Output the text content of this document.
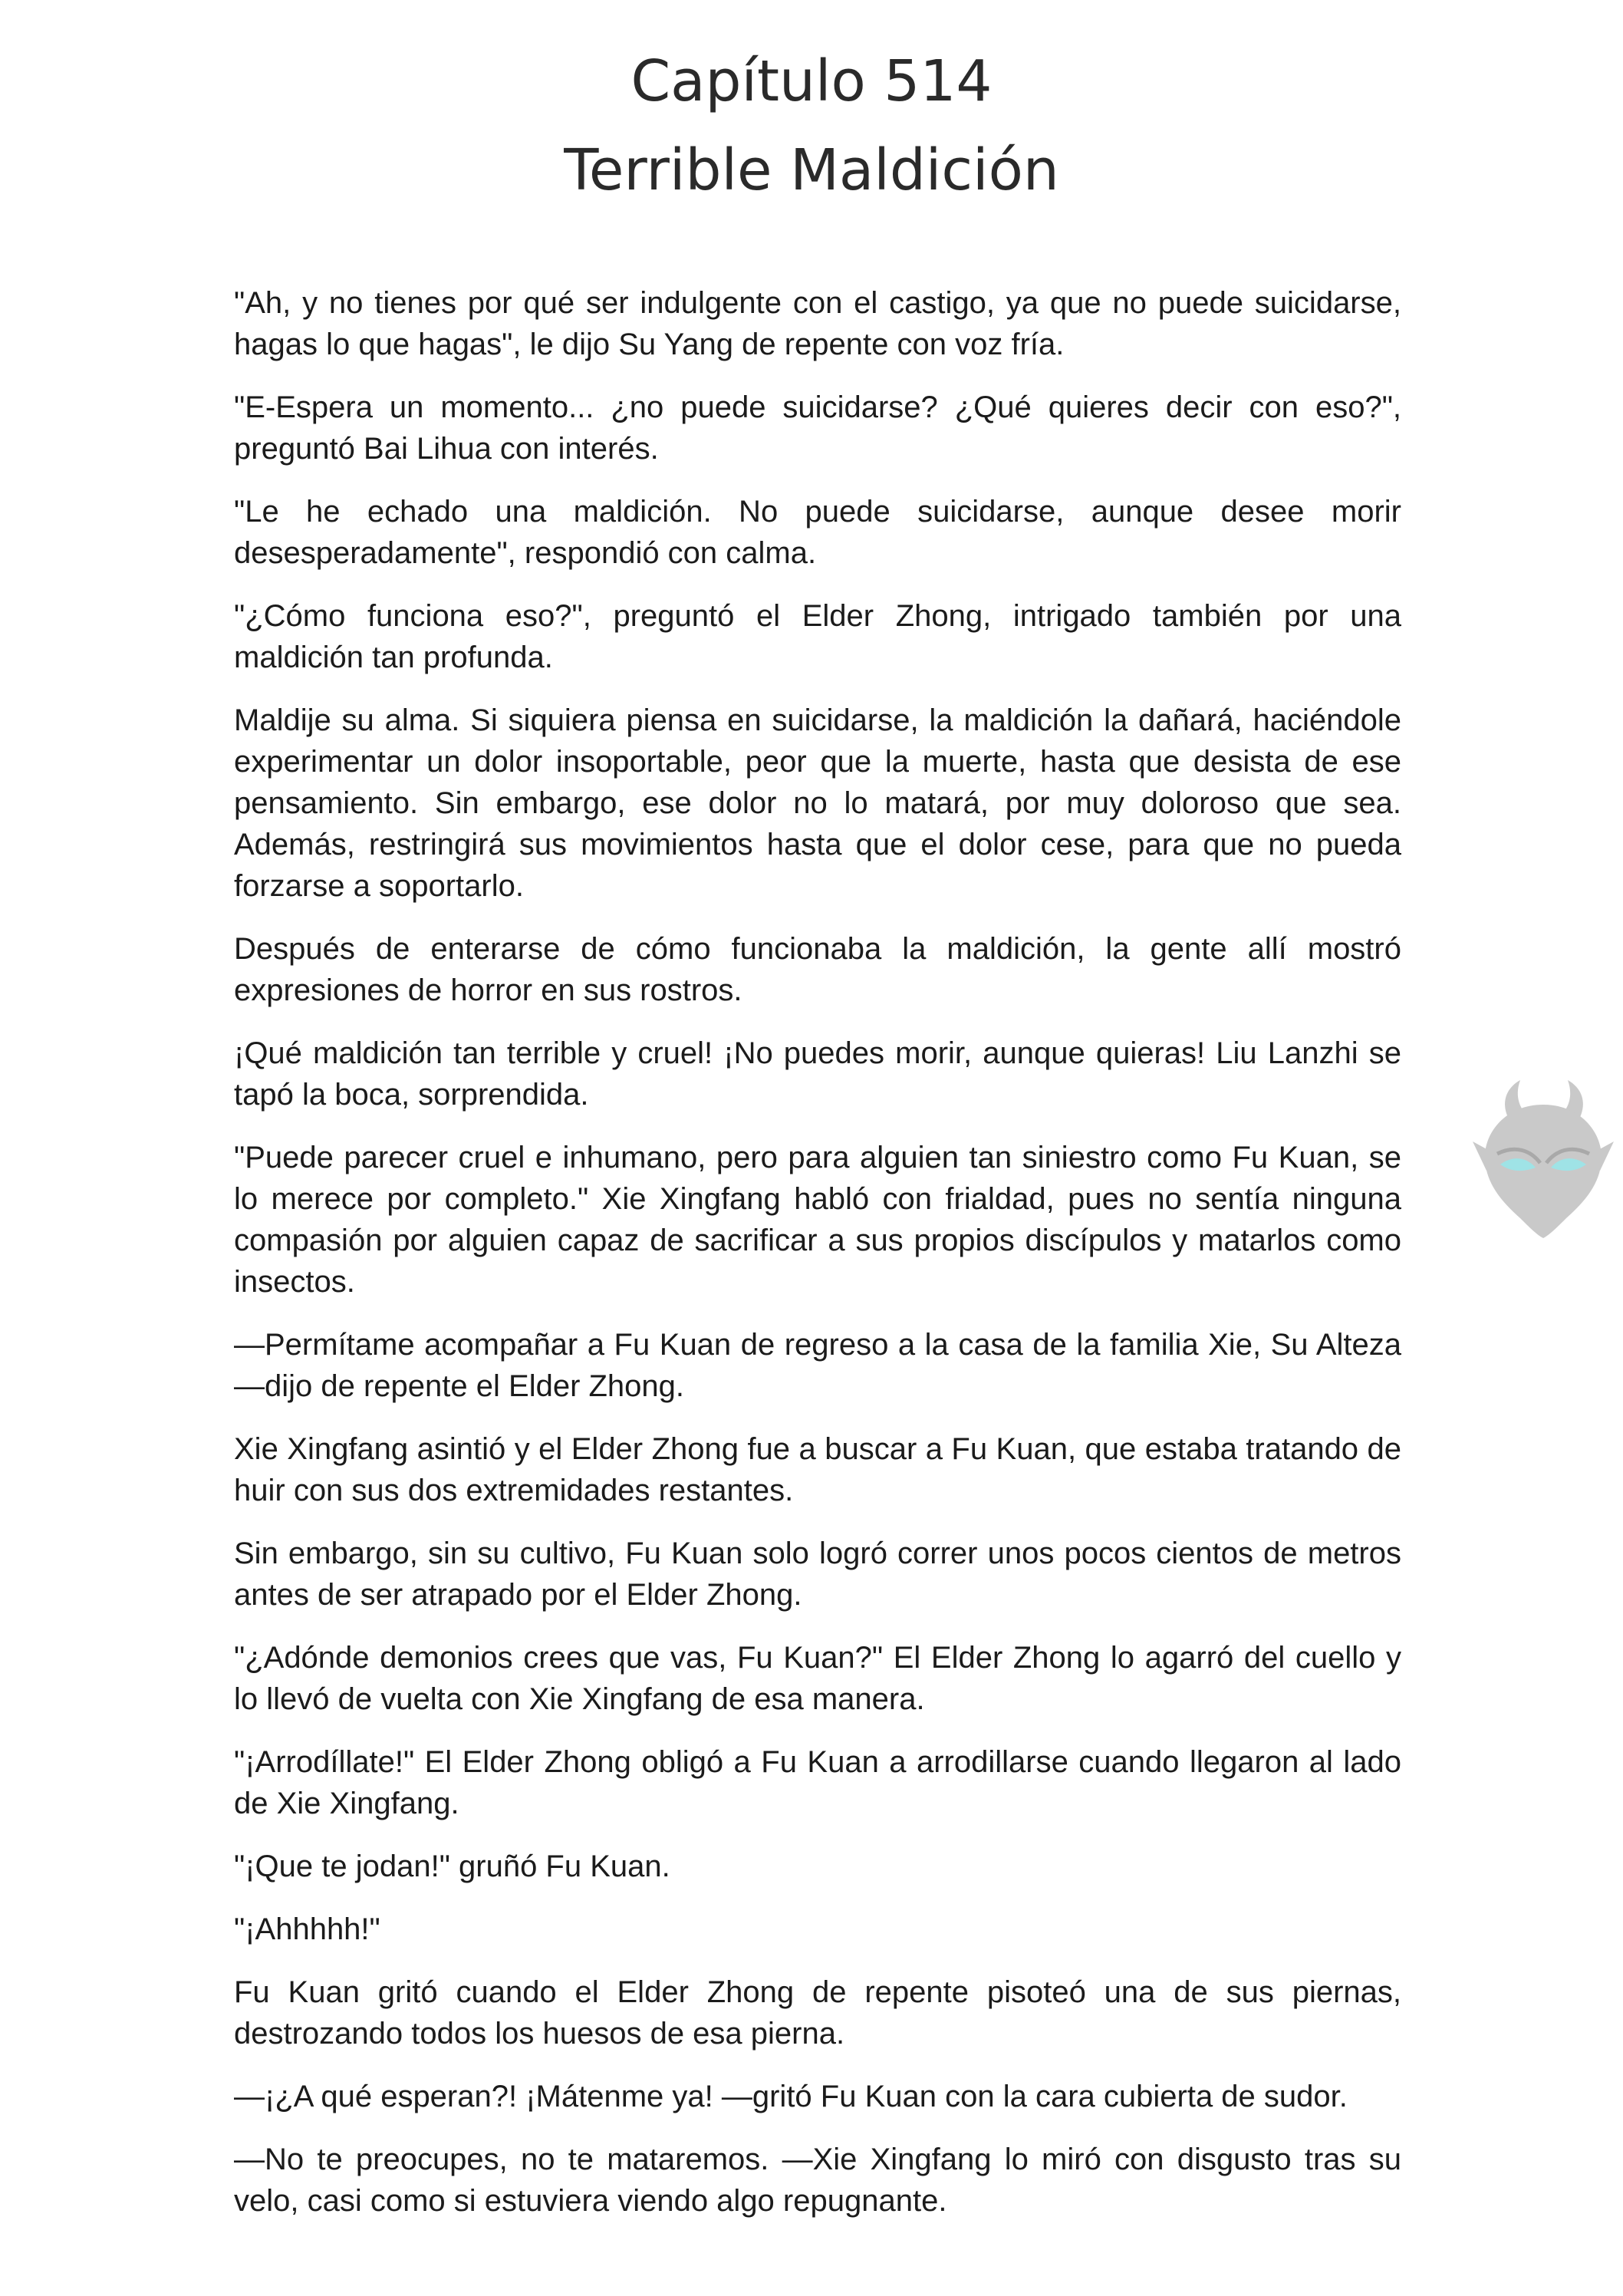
Capítulo 514
Terrible Maldición

"Ah, y no tienes por qué ser indulgente con el castigo, ya que no puede suicidarse, hagas lo que hagas", le dijo Su Yang de repente con voz fría.

"E-Espera un momento... ¿no puede suicidarse? ¿Qué quieres decir con eso?", preguntó Bai Lihua con interés.

"Le he echado una maldición. No puede suicidarse, aunque desee morir desesperadamente", respondió con calma.

"¿Cómo funciona eso?", preguntó el Elder Zhong, intrigado también por una maldición tan profunda.

Maldije su alma. Si siquiera piensa en suicidarse, la maldición la dañará, haciéndole experimentar un dolor insoportable, peor que la muerte, hasta que desista de ese pensamiento. Sin embargo, ese dolor no lo matará, por muy doloroso que sea. Además, restringirá sus movimientos hasta que el dolor cese, para que no pueda forzarse a soportarlo.

Después de enterarse de cómo funcionaba la maldición, la gente allí mostró expresiones de horror en sus rostros.

¡Qué maldición tan terrible y cruel! ¡No puedes morir, aunque quieras! Liu Lanzhi se tapó la boca, sorprendida.

"Puede parecer cruel e inhumano, pero para alguien tan siniestro como Fu Kuan, se lo merece por completo." Xie Xingfang habló con frialdad, pues no sentía ninguna compasión por alguien capaz de sacrificar a sus propios discípulos y matarlos como insectos.

—Permítame acompañar a Fu Kuan de regreso a la casa de la familia Xie, Su Alteza —dijo de repente el Elder Zhong.

Xie Xingfang asintió y el Elder Zhong fue a buscar a Fu Kuan, que estaba tratando de huir con sus dos extremidades restantes.

Sin embargo, sin su cultivo, Fu Kuan solo logró correr unos pocos cientos de metros antes de ser atrapado por el Elder Zhong.

"¿Adónde demonios crees que vas, Fu Kuan?" El Elder Zhong lo agarró del cuello y lo llevó de vuelta con Xie Xingfang de esa manera.

"¡Arrodíllate!" El Elder Zhong obligó a Fu Kuan a arrodillarse cuando llegaron al lado de Xie Xingfang.

"¡Que te jodan!" gruñó Fu Kuan.

"¡Ahhhhh!"

Fu Kuan gritó cuando el Elder Zhong de repente pisoteó una de sus piernas, destrozando todos los huesos de esa pierna.

—¡¿A qué esperan?! ¡Mátenme ya! —gritó Fu Kuan con la cara cubierta de sudor.

—No te preocupes, no te mataremos. —Xie Xingfang lo miró con disgusto tras su velo, casi como si estuviera viendo algo repugnante.
